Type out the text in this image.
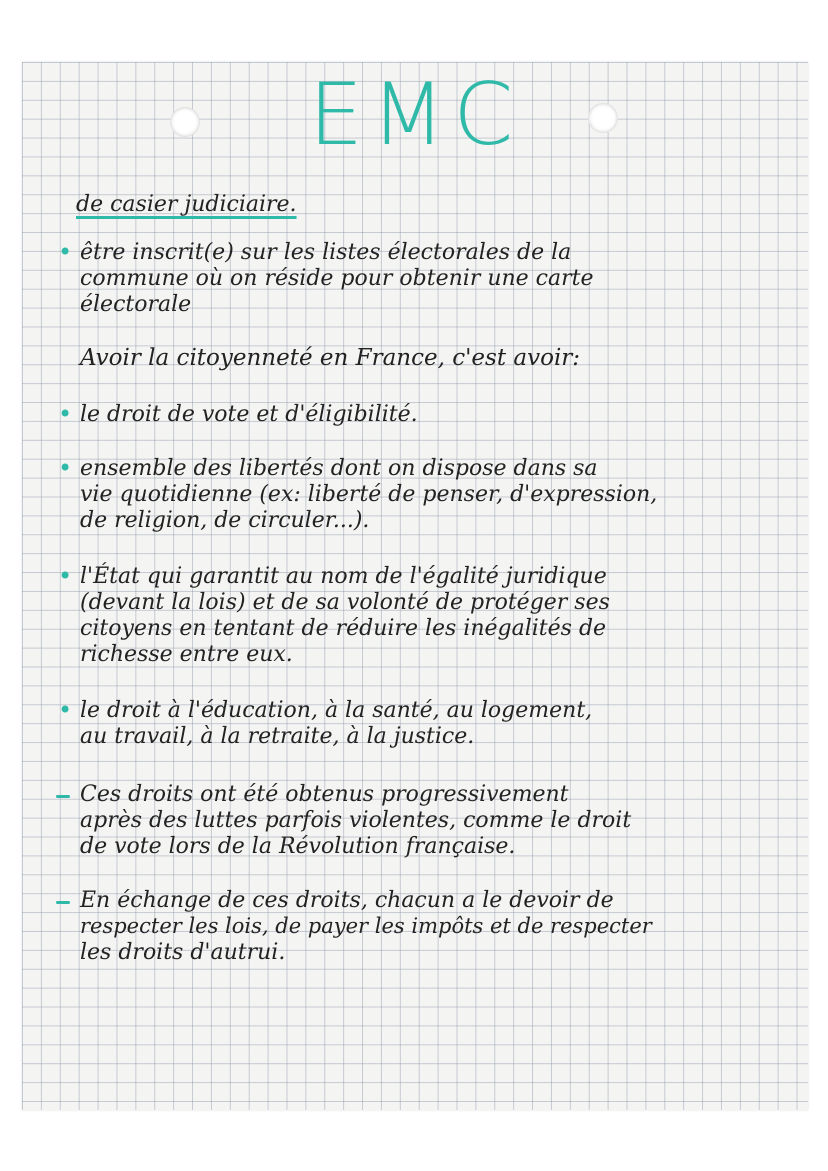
EMC
de casier judiciaire.
• être inscrit(e) sur les listes électorales de la
commune où on réside pour obtenir une carte
électorale
Avoir la citoyenneté en France, c'est avoir:
• le droit de vote et d'éligibilité.
• ensemble des libertés dont on dispose dans sa
vie quotidienne (ex: liberté de penser, d'expression,
de religion, de circuler...).
• l'État qui garantit au nom de l'égalité juridique
(devant la lois) et de sa volonté de protéger ses
citoyens en tentant de réduire les inégalités de
richesse entre eux.
• le droit à l'éducation, à la santé, au logement,
au travail, à la retraite, à la justice.
Ces droits ont été obtenus progressivement
après des luttes parfois violentes, comme le droit
de vote lors de la Révolution française.
En échange de ces droits, chacun a le devoir de
respecter les lois, de payer les impôts et de respecter
les droits d'autrui.
